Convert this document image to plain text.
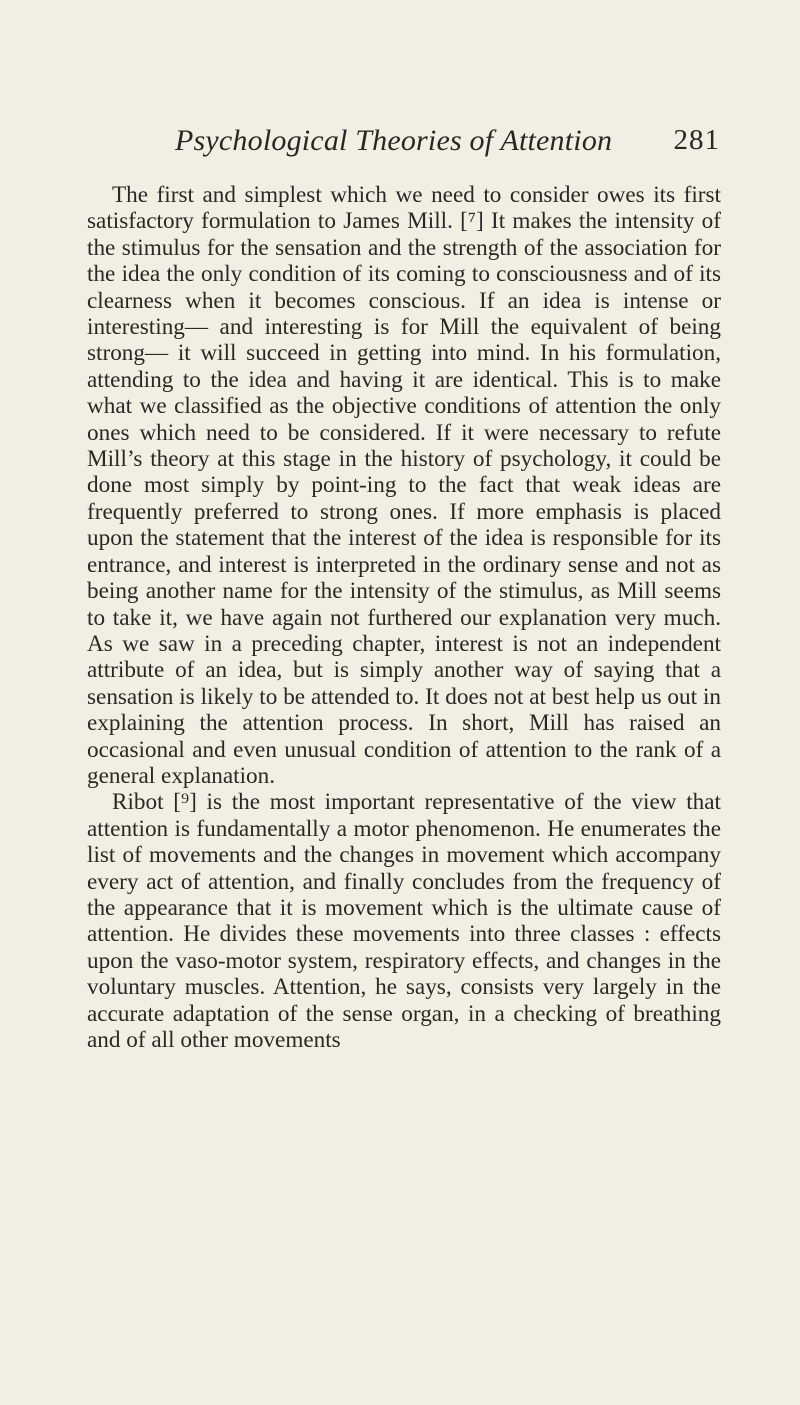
Psychological Theories of Attention 281

The first and simplest which we need to consider owes its first satisfactory formulation to James Mill. [⁷] It makes the intensity of the stimulus for the sensation and the strength of the association for the idea the only condition of its coming to consciousness and of its clearness when it becomes conscious. If an idea is intense or interesting— and interesting is for Mill the equivalent of being strong— it will succeed in getting into mind. In his formulation, attending to the idea and having it are identical. This is to make what we classified as the objective conditions of attention the only ones which need to be considered. If it were necessary to refute Mill’s theory at this stage in the history of psychology, it could be done most simply by point-ing to the fact that weak ideas are frequently preferred to strong ones. If more emphasis is placed upon the statement that the interest of the idea is responsible for its entrance, and interest is interpreted in the ordinary sense and not as being another name for the intensity of the stimulus, as Mill seems to take it, we have again not furthered our explanation very much. As we saw in a preceding chapter, interest is not an independent attribute of an idea, but is simply another way of saying that a sensation is likely to be attended to. It does not at best help us out in explaining the attention process. In short, Mill has raised an occasional and even unusual condition of attention to the rank of a general explanation.

Ribot [⁹] is the most important representative of the view that attention is fundamentally a motor phenomenon. He enumerates the list of movements and the changes in movement which accompany every act of attention, and finally concludes from the frequency of the appearance that it is movement which is the ultimate cause of attention. He divides these movements into three classes : effects upon the vaso-motor system, respiratory effects, and changes in the voluntary muscles. Attention, he says, consists very largely in the accurate adaptation of the sense organ, in a checking of breathing and of all other movements
